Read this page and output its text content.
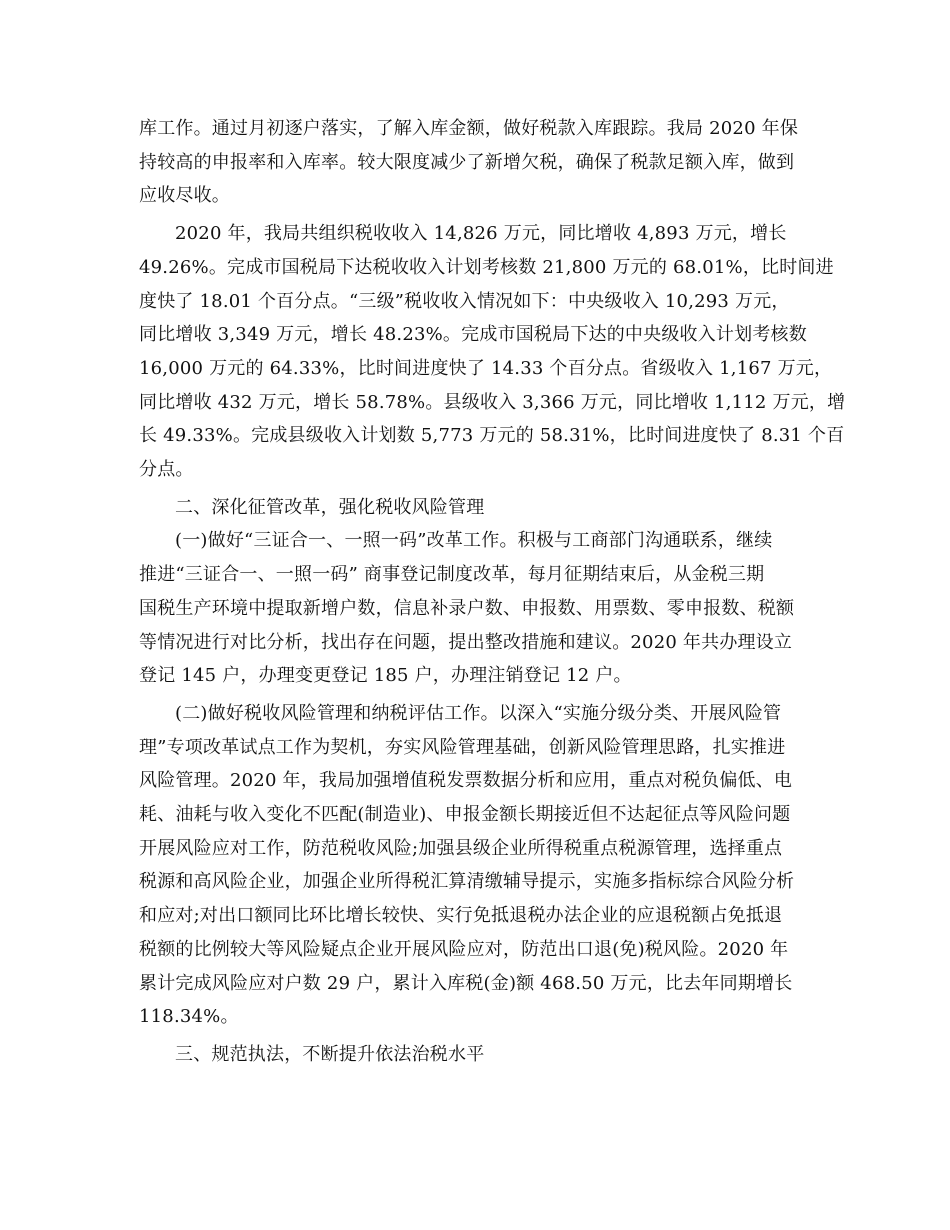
库工作。通过月初逐户落实，了解入库金额，做好税款入库跟踪。我局 2020 年保
持较高的申报率和入库率。较大限度减少了新增欠税，确保了税款足额入库，做到
应收尽收。

2020 年，我局共组织税收收入 14,826 万元，同比增收 4,893 万元，增长
49.26%。完成市国税局下达税收收入计划考核数 21,800 万元的 68.01%，比时间进
度快了 18.01 个百分点。“三级”税收收入情况如下：中央级收入 10,293 万元，
同比增收 3,349 万元，增长 48.23%。完成市国税局下达的中央级收入计划考核数
16,000 万元的 64.33%，比时间进度快了 14.33 个百分点。省级收入 1,167 万元，
同比增收 432 万元，增长 58.78%。县级收入 3,366 万元，同比增收 1,112 万元，增
长 49.33%。完成县级收入计划数 5,773 万元的 58.31%，比时间进度快了 8.31 个百
分点。

二、深化征管改革，强化税收风险管理

(一)做好“三证合一、一照一码”改革工作。积极与工商部门沟通联系，继续
推进“三证合一、一照一码” 商事登记制度改革，每月征期结束后，从金税三期
国税生产环境中提取新增户数，信息补录户数、申报数、用票数、零申报数、税额
等情况进行对比分析，找出存在问题，提出整改措施和建议。2020 年共办理设立
登记 145 户，办理变更登记 185 户，办理注销登记 12 户。

(二)做好税收风险管理和纳税评估工作。以深入“实施分级分类、开展风险管
理”专项改革试点工作为契机，夯实风险管理基础，创新风险管理思路，扎实推进
风险管理。2020 年，我局加强增值税发票数据分析和应用，重点对税负偏低、电
耗、油耗与收入变化不匹配(制造业)、申报金额长期接近但不达起征点等风险问题
开展风险应对工作，防范税收风险;加强县级企业所得税重点税源管理，选择重点
税源和高风险企业，加强企业所得税汇算清缴辅导提示，实施多指标综合风险分析
和应对;对出口额同比环比增长较快、实行免抵退税办法企业的应退税额占免抵退
税额的比例较大等风险疑点企业开展风险应对，防范出口退(免)税风险。2020 年
累计完成风险应对户数 29 户，累计入库税(金)额 468.50 万元，比去年同期增长
118.34%。

三、规范执法，不断提升依法治税水平
